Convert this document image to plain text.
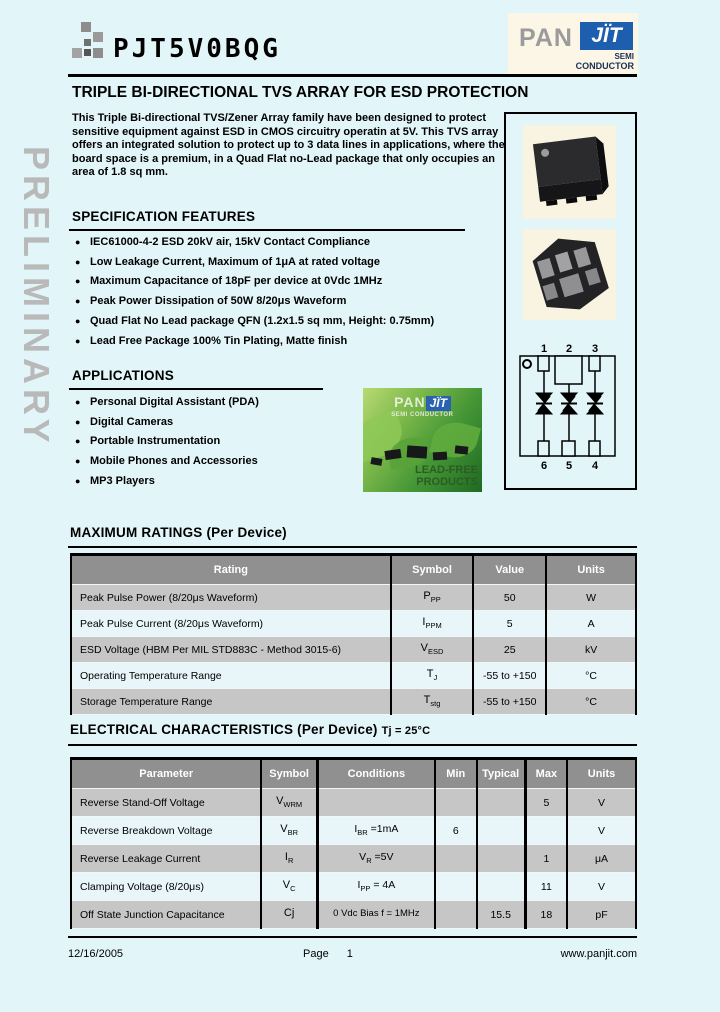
PRELIMINARY
PJT5V0BQG	PAN JÏT
SEMI
CONDUCTOR
TRIPLE BI-DIRECTIONAL TVS ARRAY FOR ESD PROTECTION

This Triple Bi-directional TVS/Zener Array family have been designed to protect sensitive equipment against ESD in CMOS circuitry operatin at 5V. This TVS array offers an integrated solution to protect up to 3 data lines in applications, where the board space is a premium, in a Quad Flat no-Lead package that only occupies an area of 1.8 sq mm.

1 2 3
6 5 4
SPECIFICATION FEATURES
● IEC61000-4-2 ESD 20kV air, 15kV Contact Compliance
● Low Leakage Current, Maximum of 1μA at rated voltage
● Maximum Capacitance of 18pF per device at 0Vdc 1MHz
● Peak Power Dissipation of 50W 8/20μs Waveform
● Quad Flat No Lead package QFN (1.2x1.5 sq mm, Height: 0.75mm)
● Lead Free Package 100% Tin Plating, Matte finish
APPLICATIONS
● Personal Digital Assistant (PDA)
● Digital Cameras
● Portable Instrumentation
● Mobile Phones and Accessories
● MP3 Players
PAN JÏT
SEMI CONDUCTOR
LEAD-FREE
PRODUCTS
MAXIMUM RATINGS (Per Device)
Rating	Symbol	Value	Units
Peak Pulse Power (8/20μs Waveform)	$P_{PP}$	50	W
Peak Pulse Current (8/20μs Waveform)	$I_{PPM}$	5	A
ESD Voltage (HBM Per MIL STD883C - Method 3015-6)	$V_{ESD}$	25	kV
Operating Temperature Range	$T_J$	-55 to +150	°C
Storage Temperature Range	$T_{stg}$	-55 to +150	°C
ELECTRICAL CHARACTERISTICS (Per Device) Tj = 25°C
Parameter	Symbol	Conditions	Min	Typical	Max	Units
Reverse Stand-Off Voltage	$V_{WRM}$				5	V
Reverse Breakdown Voltage	$V_{BR}$	$I_{BR} =1mA$	6			V
Reverse Leakage Current	$I_R$	$V_R =5V$			1	μA
Clamping Voltage (8/20μs)	$V_C$	$I_{PP} = 4A$			11	V
Off State Junction Capacitance	Cj	0 Vdc Bias f = 1MHz		15.5	18	pF
12/16/2005	Page 1	www.panjit.com
